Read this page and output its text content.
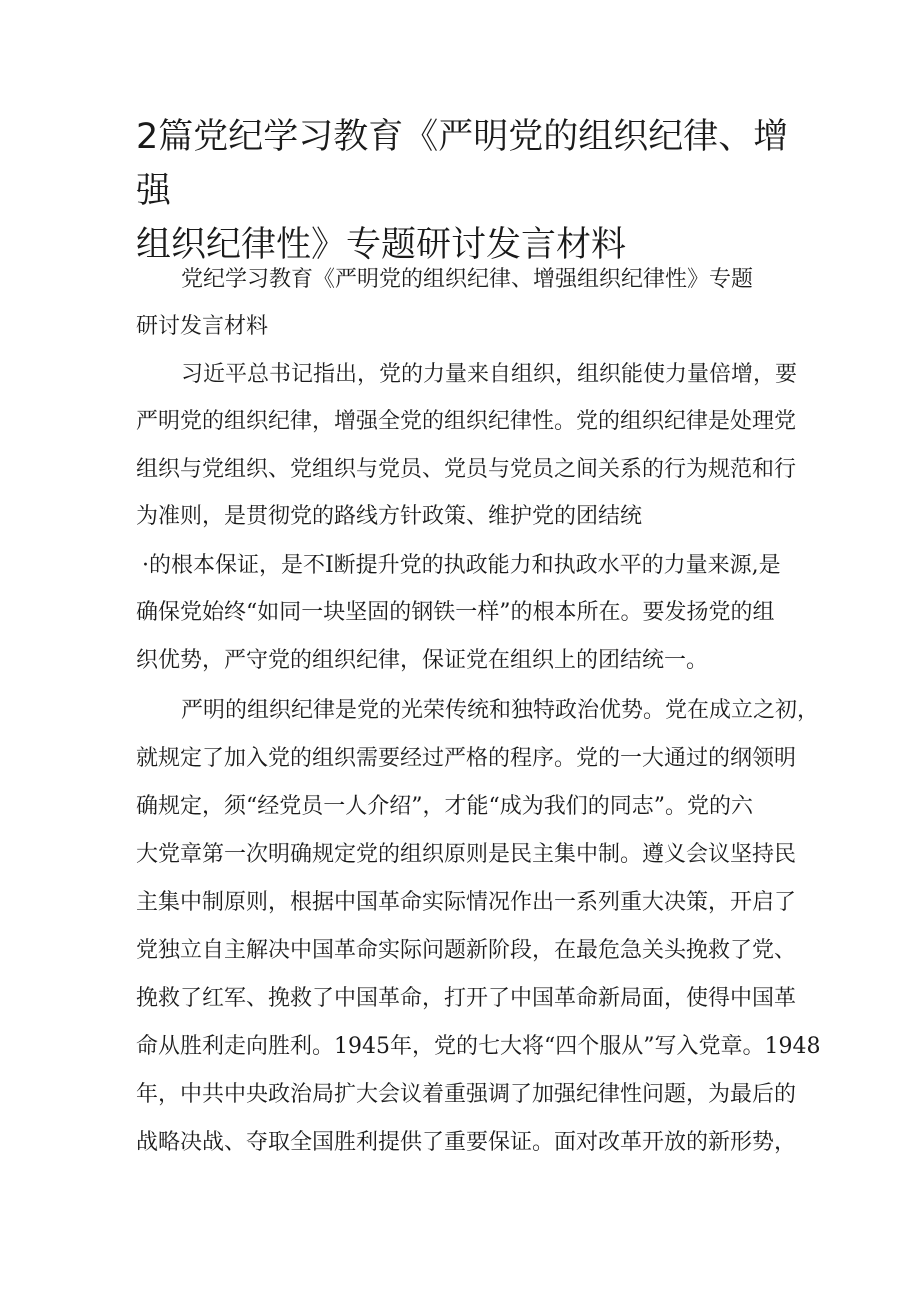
2篇党纪学习教育《严明党的组织纪律、增强
组织纪律性》专题研讨发言材料

党纪学习教育《严明党的组织纪律、增强组织纪律性》专题

研讨发言材料

习近平总书记指出，党的力量来自组织，组织能使力量倍增，要

严明党的组织纪律，增强全党的组织纪律性。党的组织纪律是处理党

组织与党组织、党组织与党员、党员与党员之间关系的行为规范和行

为准则，是贯彻党的路线方针政策、维护党的团结统

·的根本保证，是不I断提升党的执政能力和执政水平的力量来源,是

确保党始终“如同一块坚固的钢铁一样”的根本所在。要发扬党的组

织优势，严守党的组织纪律，保证党在组织上的团结统一。

严明的组织纪律是党的光荣传统和独特政治优势。党在成立之初，

就规定了加入党的组织需要经过严格的程序。党的一大通过的纲领明

确规定，须“经党员一人介绍”，才能“成为我们的同志”。党的六

大党章第一次明确规定党的组织原则是民主集中制。遵义会议坚持民

主集中制原则，根据中国革命实际情况作出一系列重大决策，开启了

党独立自主解决中国革命实际问题新阶段，在最危急关头挽救了党、

挽救了红军、挽救了中国革命，打开了中国革命新局面，使得中国革

命从胜利走向胜利。1945年，党的七大将“四个服从”写入党章。1948

年，中共中央政治局扩大会议着重强调了加强纪律性问题，为最后的

战略决战、夺取全国胜利提供了重要保证。面对改革开放的新形势，
